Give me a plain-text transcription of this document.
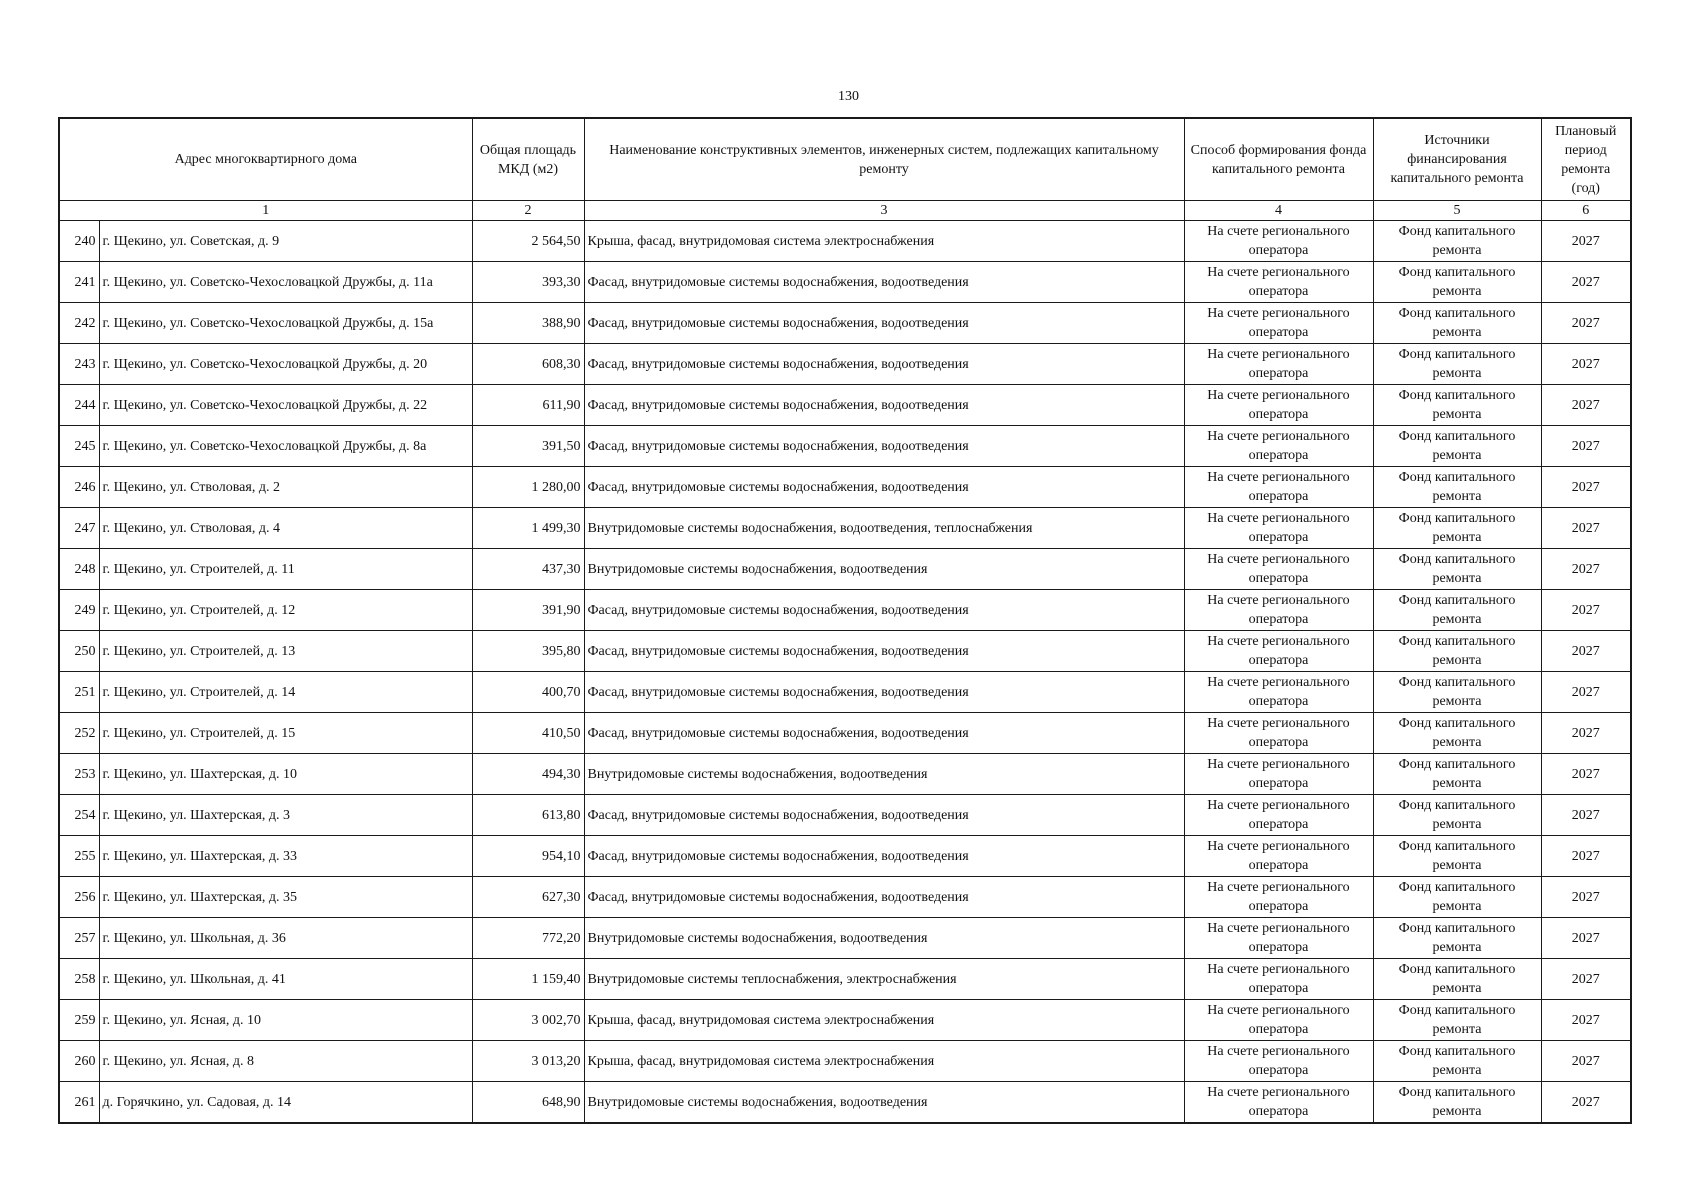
130
Адрес многоквартирного дома		Общая площадь МКД (м2)	Наименование конструктивных элементов, инженерных систем, подлежащих капитальному ремонту	Способ формирования фонда капитального ремонта	Источники финансирования капитального ремонта	Плановый период ремонта (год)
1		2	3	4	5	6
240	г. Щекино, ул. Советская, д. 9	2 564,50	Крыша, фасад, внутридомовая система электроснабжения	На счете регионального оператора	Фонд капитального ремонта	2027
241	г. Щекино, ул. Советско-Чехословацкой Дружбы, д. 11а	393,30	Фасад, внутридомовые системы водоснабжения, водоотведения	На счете регионального оператора	Фонд капитального ремонта	2027
242	г. Щекино, ул. Советско-Чехословацкой Дружбы, д. 15а	388,90	Фасад, внутридомовые системы водоснабжения, водоотведения	На счете регионального оператора	Фонд капитального ремонта	2027
243	г. Щекино, ул. Советско-Чехословацкой Дружбы, д. 20	608,30	Фасад, внутридомовые системы водоснабжения, водоотведения	На счете регионального оператора	Фонд капитального ремонта	2027
244	г. Щекино, ул. Советско-Чехословацкой Дружбы, д. 22	611,90	Фасад, внутридомовые системы водоснабжения, водоотведения	На счете регионального оператора	Фонд капитального ремонта	2027
245	г. Щекино, ул. Советско-Чехословацкой Дружбы, д. 8а	391,50	Фасад, внутридомовые системы водоснабжения, водоотведения	На счете регионального оператора	Фонд капитального ремонта	2027
246	г. Щекино, ул. Стволовая, д. 2	1 280,00	Фасад, внутридомовые системы водоснабжения, водоотведения	На счете регионального оператора	Фонд капитального ремонта	2027
247	г. Щекино, ул. Стволовая, д. 4	1 499,30	Внутридомовые системы водоснабжения, водоотведения, теплоснабжения	На счете регионального оператора	Фонд капитального ремонта	2027
248	г. Щекино, ул. Строителей, д. 11	437,30	Внутридомовые системы водоснабжения, водоотведения	На счете регионального оператора	Фонд капитального ремонта	2027
249	г. Щекино, ул. Строителей, д. 12	391,90	Фасад, внутридомовые системы водоснабжения, водоотведения	На счете регионального оператора	Фонд капитального ремонта	2027
250	г. Щекино, ул. Строителей, д. 13	395,80	Фасад, внутридомовые системы водоснабжения, водоотведения	На счете регионального оператора	Фонд капитального ремонта	2027
251	г. Щекино, ул. Строителей, д. 14	400,70	Фасад, внутридомовые системы водоснабжения, водоотведения	На счете регионального оператора	Фонд капитального ремонта	2027
252	г. Щекино, ул. Строителей, д. 15	410,50	Фасад, внутридомовые системы водоснабжения, водоотведения	На счете регионального оператора	Фонд капитального ремонта	2027
253	г. Щекино, ул. Шахтерская, д. 10	494,30	Внутридомовые системы водоснабжения, водоотведения	На счете регионального оператора	Фонд капитального ремонта	2027
254	г. Щекино, ул. Шахтерская, д. 3	613,80	Фасад, внутридомовые системы водоснабжения, водоотведения	На счете регионального оператора	Фонд капитального ремонта	2027
255	г. Щекино, ул. Шахтерская, д. 33	954,10	Фасад, внутридомовые системы водоснабжения, водоотведения	На счете регионального оператора	Фонд капитального ремонта	2027
256	г. Щекино, ул. Шахтерская, д. 35	627,30	Фасад, внутридомовые системы водоснабжения, водоотведения	На счете регионального оператора	Фонд капитального ремонта	2027
257	г. Щекино, ул. Школьная, д. 36	772,20	Внутридомовые системы водоснабжения, водоотведения	На счете регионального оператора	Фонд капитального ремонта	2027
258	г. Щекино, ул. Школьная, д. 41	1 159,40	Внутридомовые системы теплоснабжения, электроснабжения	На счете регионального оператора	Фонд капитального ремонта	2027
259	г. Щекино, ул. Ясная, д. 10	3 002,70	Крыша, фасад, внутридомовая система электроснабжения	На счете регионального оператора	Фонд капитального ремонта	2027
260	г. Щекино, ул. Ясная, д. 8	3 013,20	Крыша, фасад, внутридомовая система электроснабжения	На счете регионального оператора	Фонд капитального ремонта	2027
261	д. Горячкино, ул. Садовая, д. 14	648,90	Внутридомовые системы водоснабжения, водоотведения	На счете регионального оператора	Фонд капитального ремонта	2027
